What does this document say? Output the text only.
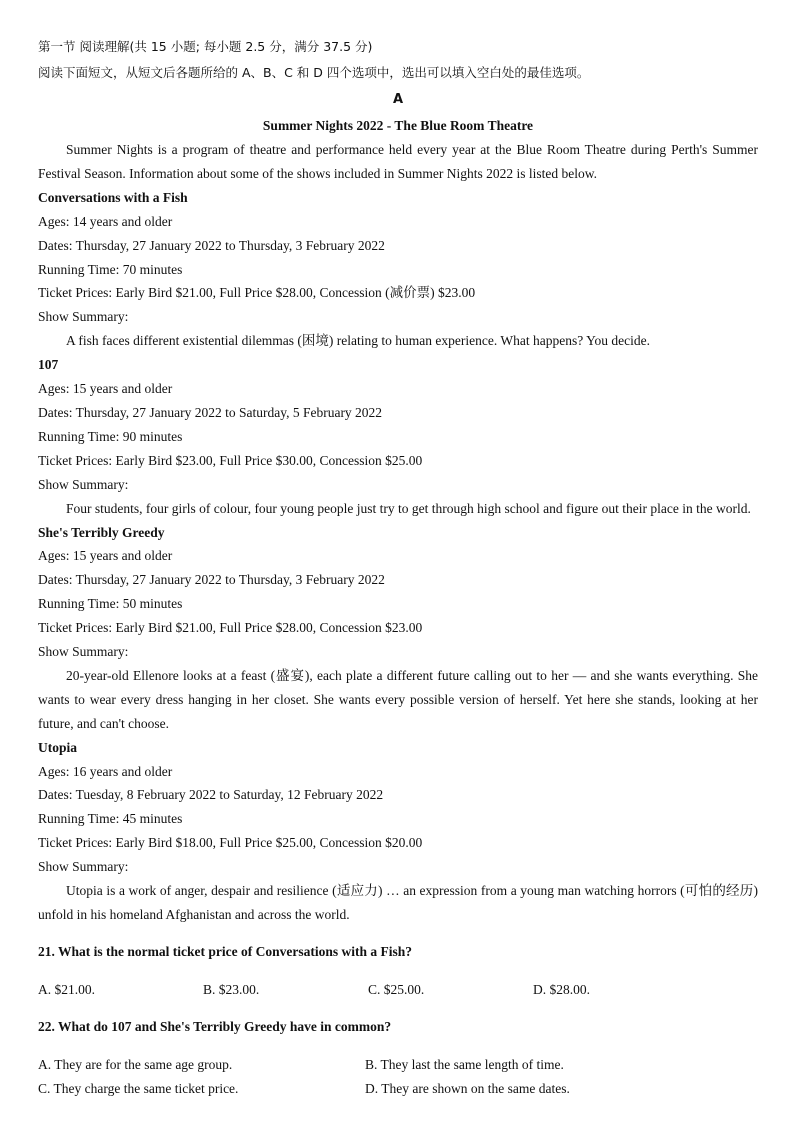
第一节 阅读理解(共 15 小题; 每小题 2.5 分，满分 37.5 分)
阅读下面短文，从短文后各题所给的 A、B、C 和 D 四个选项中，选出可以填入空白处的最佳选项。
A
Summer Nights 2022 - The Blue Room Theatre

Summer Nights is a program of theatre and performance held every year at the Blue Room Theatre during Perth's Summer Festival Season. Information about some of the shows included in Summer Nights 2022 is listed below.

Conversations with a Fish

Ages: 14 years and older

Dates: Thursday, 27 January 2022 to Thursday, 3 February 2022

Running Time: 70 minutes

Ticket Prices: Early Bird $21.00, Full Price $28.00, Concession (减价票) $23.00

Show Summary:

A fish faces different existential dilemmas (困境) relating to human experience. What happens? You decide.

107

Ages: 15 years and older

Dates: Thursday, 27 January 2022 to Saturday, 5 February 2022

Running Time: 90 minutes

Ticket Prices: Early Bird $23.00, Full Price $30.00, Concession $25.00

Show Summary:

Four students, four girls of colour, four young people just try to get through high school and figure out their place in the world.

She's Terribly Greedy

Ages: 15 years and older

Dates: Thursday, 27 January 2022 to Thursday, 3 February 2022

Running Time: 50 minutes

Ticket Prices: Early Bird $21.00, Full Price $28.00, Concession $23.00

Show Summary:

20-year-old Ellenore looks at a feast (盛宴), each plate a different future calling out to her — and she wants everything. She wants to wear every dress hanging in her closet. She wants every possible version of herself. Yet here she stands, looking at her future, and can't choose.

Utopia

Ages: 16 years and older

Dates: Tuesday, 8 February 2022 to Saturday, 12 February 2022

Running Time: 45 minutes

Ticket Prices: Early Bird $18.00, Full Price $25.00, Concession $20.00

Show Summary:

Utopia is a work of anger, despair and resilience (适应力) … an expression from a young man watching horrors (可怕的经历) unfold in his homeland Afghanistan and across the world.

21. What is the normal ticket price of Conversations with a Fish?

A. $21.00.	B. $23.00.	C. $25.00.	D. $28.00.

22. What do 107 and She's Terribly Greedy have in common?

A. They are for the same age group.	B. They last the same length of time.
C. They charge the same ticket price.	D. They are shown on the same dates.
